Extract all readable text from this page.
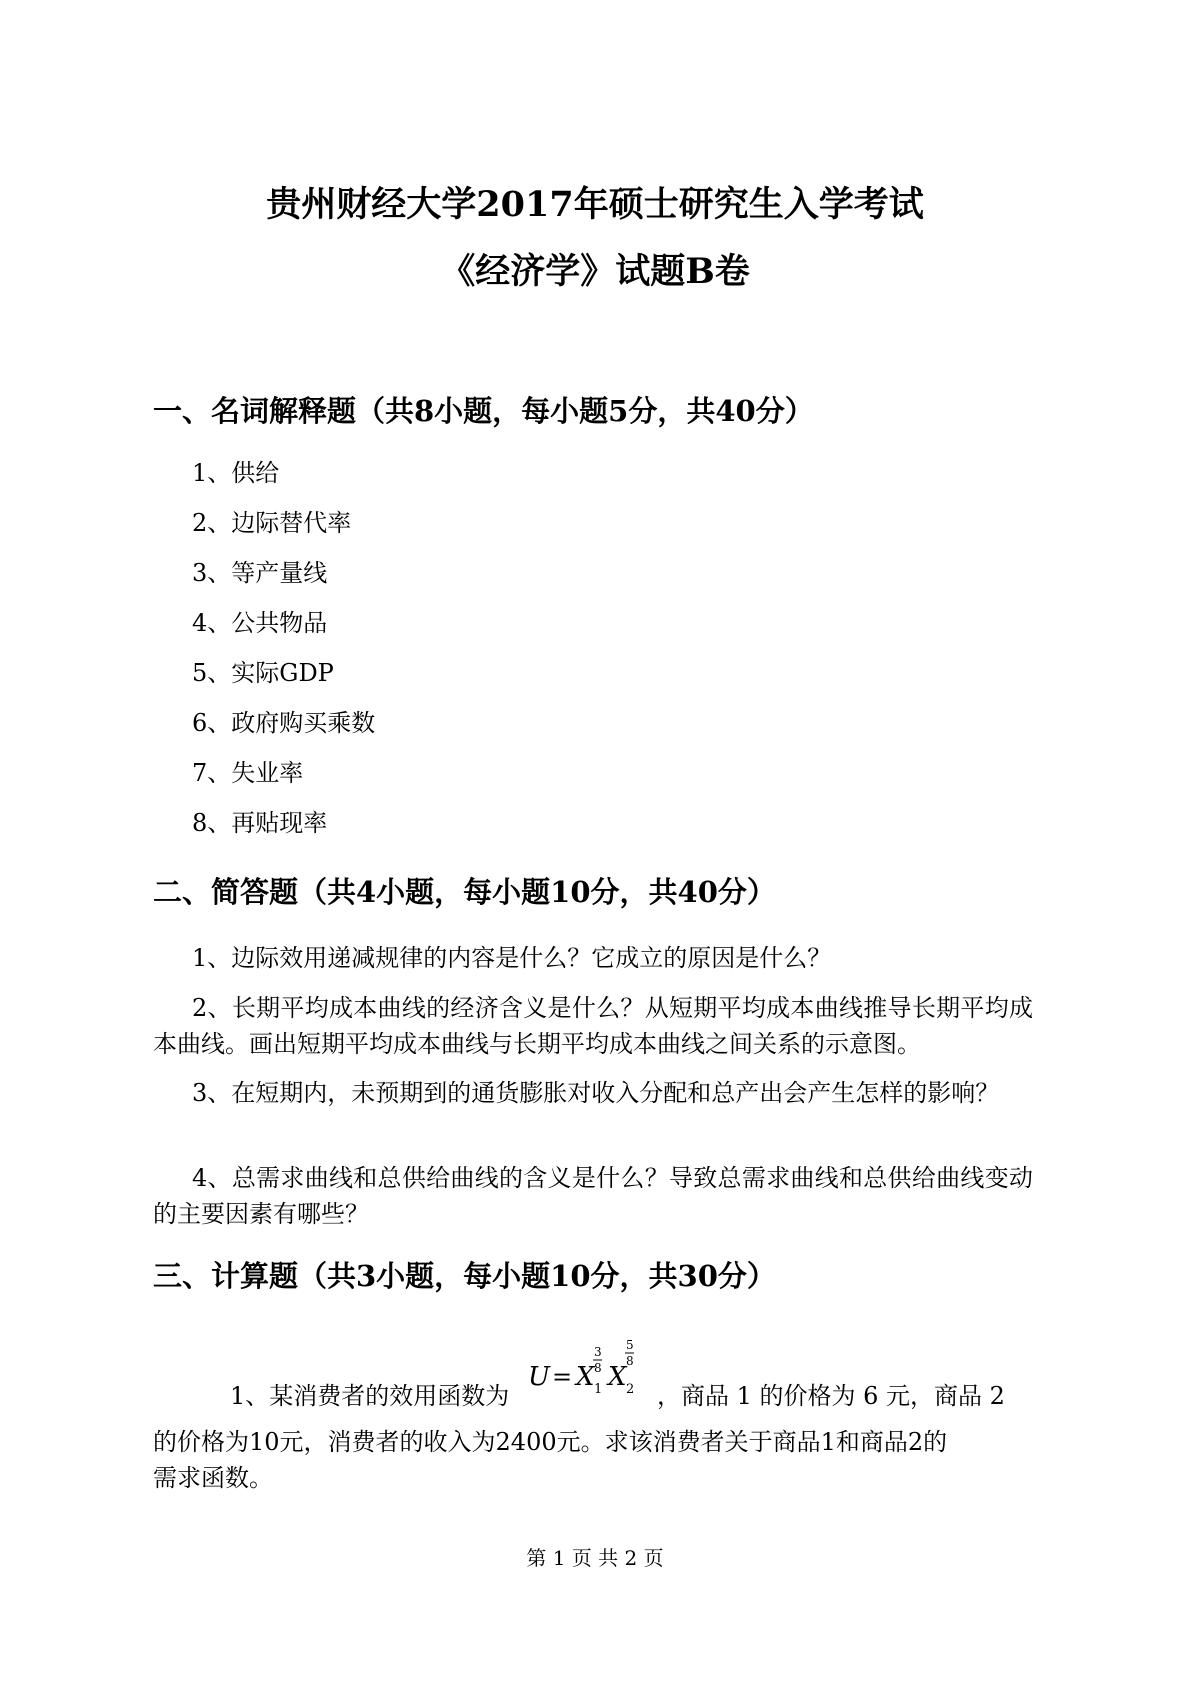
贵州财经大学2017年硕士研究生入学考试
《经济学》试题B卷
一、名词解释题（共8小题，每小题5分，共40分）
1、供给
2、边际替代率
3、等产量线
4、公共物品
5、实际GDP
6、政府购买乘数
7、失业率
8、再贴现率
二、简答题（共4小题，每小题10分，共40分）
1、边际效用递减规律的内容是什么？它成立的原因是什么？
2、长期平均成本曲线的经济含义是什么？从短期平均成本曲线推导长期平均成本曲线。画出短期平均成本曲线与长期平均成本曲线之间关系的示意图。
3、在短期内，未预期到的通货膨胀对收入分配和总产出会产生怎样的影响？
4、总需求曲线和总供给曲线的含义是什么？导致总需求曲线和总供给曲线变动的主要因素有哪些？
三、计算题（共3小题，每小题10分，共30分）
1、某消费者的效用函数为
U = X 1
3
8 X 2
5
8
，商品 1 的价格为 6 元，商品 2
的价格为10元，消费者的收入为2400元。求该消费者关于商品1和商品2的
需求函数。
第 1 页 共 2 页
